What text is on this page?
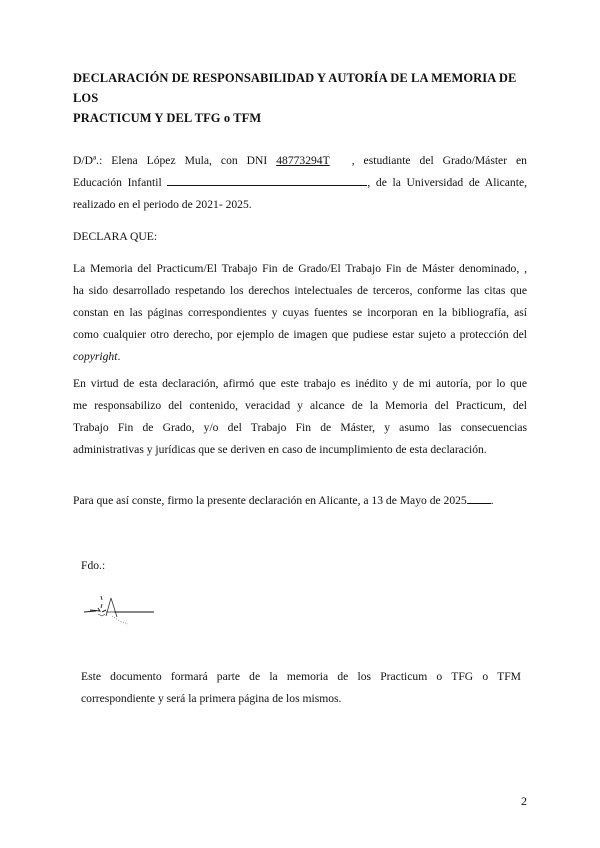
DECLARACIÓN DE RESPONSABILIDAD Y AUTORÍA DE LA MEMORIA DE LOS
PRACTICUM Y DEL TFG o TFM
D/Dª.: Elena López Mula, con DNI 48773294T , estudiante del Grado/Máster en
Educación Infantil	, de la Universidad de Alicante,
realizado en el periodo de 2021- 2025.
DECLARA QUE:
La Memoria del Practicum/El Trabajo Fin de Grado/El Trabajo Fin de Máster denominado, ,
ha sido desarrollado respetando los derechos intelectuales de terceros, conforme las citas que
constan en las páginas correspondientes y cuyas fuentes se incorporan en la bibliografía, así
como cualquier otro derecho, por ejemplo de imagen que pudiese estar sujeto a protección del
copyright.
En virtud de esta declaración, afirmó que este trabajo es inédito y de mi autoría, por lo que
me responsabilizo del contenido, veracidad y alcance de la Memoria del Practicum, del
Trabajo Fin de Grado, y/o del Trabajo Fin de Máster, y asumo las consecuencias
administrativas y jurídicas que se deriven en caso de incumplimiento de esta declaración.
Para que así conste, firmo la presente declaración en Alicante, a 13 de Mayo de 2025 .
Fdo.:
Este documento formará parte de la memoria de los Practicum o TFG o TFM
correspondiente y será la primera página de los mismos.
2
